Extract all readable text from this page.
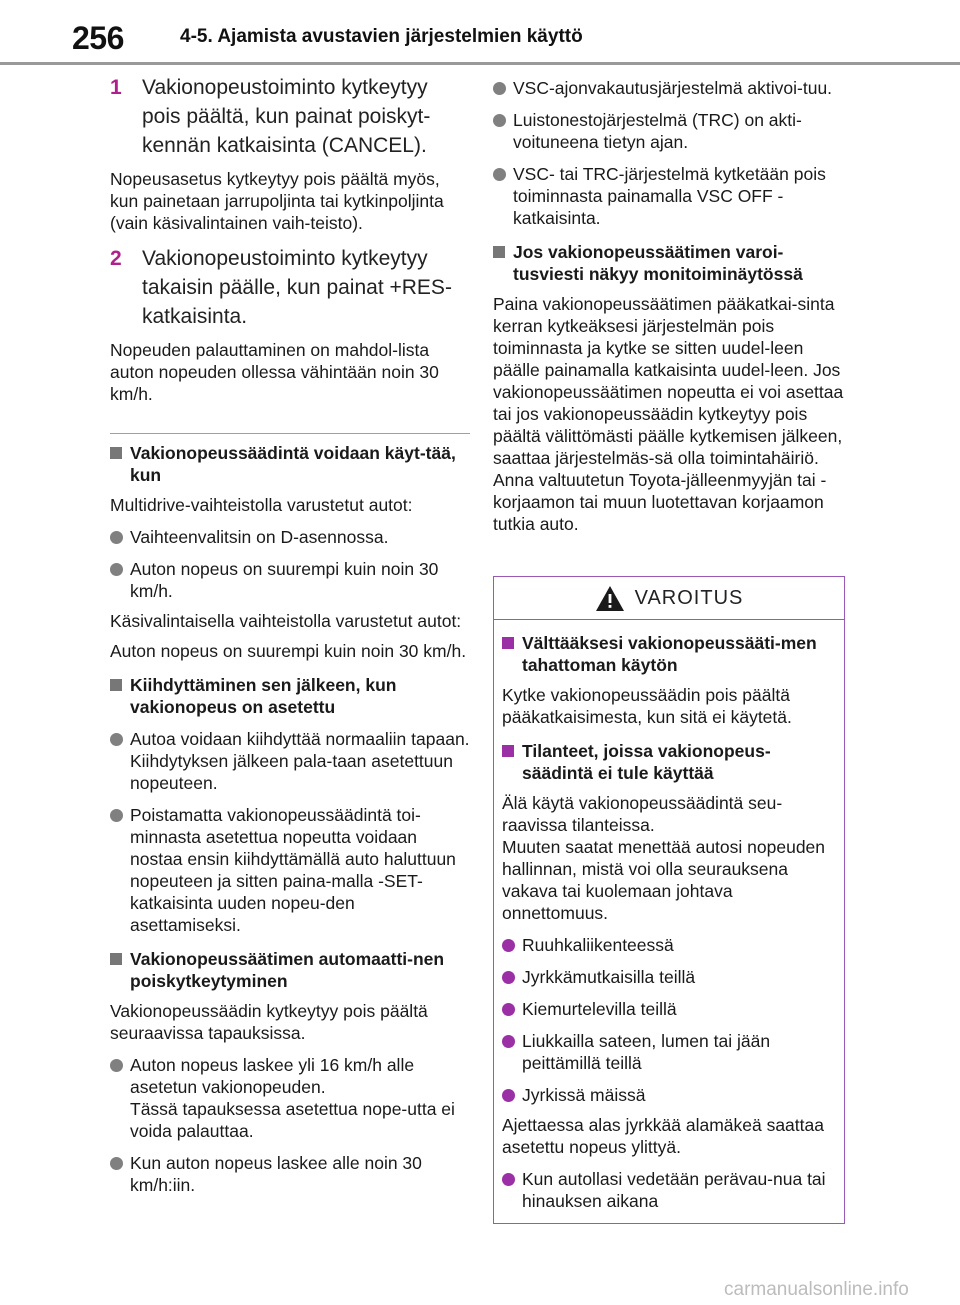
256	4-5. Ajamista avustavien järjestelmien käyttö
1 Vakionopeustoiminto kytkeytyy pois päältä, kun painat poiskyt-kennän katkaisinta (CANCEL).

Nopeusasetus kytkeytyy pois päältä myös, kun painetaan jarrupoljinta tai kytkinpoljinta (vain käsivalintainen vaih-teisto).

2 Vakionopeustoiminto kytkeytyy takaisin päälle, kun painat +RES-katkaisinta.

Nopeuden palauttaminen on mahdol-lista auton nopeuden ollessa vähintään noin 30 km/h.

Vakionopeussäädintä voidaan käyt-tää, kun

Multidrive-vaihteistolla varustetut autot:

Vaihteenvalitsin on D-asennossa.
Auton nopeus on suurempi kuin noin 30 km/h.

Käsivalintaisella vaihteistolla varustetut autot:

Auton nopeus on suurempi kuin noin 30 km/h.

Kiihdyttäminen sen jälkeen, kun vakionopeus on asetettu
Autoa voidaan kiihdyttää normaaliin tapaan. Kiihdytyksen jälkeen pala-taan asetettuun nopeuteen.
Poistamatta vakionopeussäädintä toi-minnasta asetettua nopeutta voidaan nostaa ensin kiihdyttämällä auto haluttuun nopeuteen ja sitten paina-malla -SET-katkaisinta uuden nopeu-den asettamiseksi.
Vakionopeussäätimen automaatti-nen poiskytkeytyminen

Vakionopeussäädin kytkeytyy pois päältä seuraavissa tapauksissa.

Auton nopeus laskee yli 16 km/h alle asetetun vakionopeuden.
Tässä tapauksessa asetettua nope-utta ei voida palauttaa.
Kun auton nopeus laskee alle noin 30 km/h:iin.
VSC-ajonvakautusjärjestelmä aktivoi-tuu.
Luistonestojärjestelmä (TRC) on akti-voituneena tietyn ajan.
VSC- tai TRC-järjestelmä kytketään pois toiminnasta painamalla VSC OFF -katkaisinta.
Jos vakionopeussäätimen varoi-tusviesti näkyy monitoiminäytössä

Paina vakionopeussäätimen pääkatkai-sinta kerran kytkeäksesi järjestelmän pois toiminnasta ja kytke se sitten uudel-leen päälle painamalla katkaisinta uudel-leen. Jos vakionopeussäätimen nopeutta ei voi asettaa tai jos vakionopeussäädin kytkeytyy pois päältä välittömästi päälle kytkemisen jälkeen, saattaa järjestelmäs-sä olla toimintahäiriö. Anna valtuutetun Toyota-jälleenmyyjän tai -korjaamon tai muun luotettavan korjaamon tutkia auto.

VAROITUS
Välttääksesi vakionopeussääti-men tahattoman käytön

Kytke vakionopeussäädin pois päältä pääkatkaisimesta, kun sitä ei käytetä.

Tilanteet, joissa vakionopeus-säädintä ei tule käyttää

Älä käytä vakionopeussäädintä seu-raavissa tilanteissa.
Muuten saatat menettää autosi nopeuden hallinnan, mistä voi olla seurauksena vakava tai kuolemaan johtava onnettomuus.

Ruuhkaliikenteessä
Jyrkkämutkaisilla teillä
Kiemurtelevilla teillä
Liukkailla sateen, lumen tai jään peittämillä teillä
Jyrkissä mäissä

Ajettaessa alas jyrkkää alamäkeä saattaa asetettu nopeus ylittyä.

Kun autollasi vedetään perävau-nua tai hinauksen aikana
carmanualsonline.info
